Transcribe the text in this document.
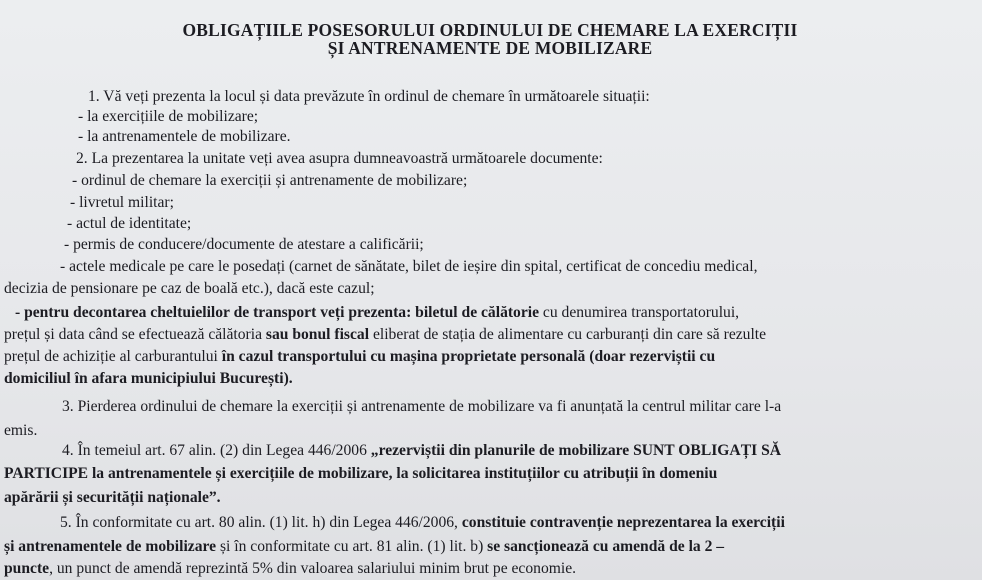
OBLIGAȚIILE POSESORULUI ORDINULUI DE CHEMARE LA EXERCIȚII
ȘI ANTRENAMENTE DE MOBILIZARE
1. Vă veți prezenta la locul și data prevăzute în ordinul de chemare în următoarele situații:
- la exercițiile de mobilizare;
- la antrenamentele de mobilizare.
2. La prezentarea la unitate veți avea asupra dumneavoastră următoarele documente:
- ordinul de chemare la exerciții și antrenamente de mobilizare;
- livretul militar;
- actul de identitate;
- permis de conducere/documente de atestare a calificării;
- actele medicale pe care le posedați (carnet de sănătate, bilet de ieșire din spital, certificat de concediu medical,
decizia de pensionare pe caz de boală etc.), dacă este cazul;
- pentru decontarea cheltuielilor de transport veți prezenta: biletul de călătorie cu denumirea transportatorului,
prețul și data când se efectuează călătoria sau bonul fiscal eliberat de stația de alimentare cu carburanți din care să rezulte
prețul de achiziție al carburantului în cazul transportului cu mașina proprietate personală (doar rezerviștii cu
domiciliul în afara municipiului București).
3. Pierderea ordinului de chemare la exerciții și antrenamente de mobilizare va fi anunțată la centrul militar care l-a
emis.
4. În temeiul art. 67 alin. (2) din Legea 446/2006 „rezerviștii din planurile de mobilizare SUNT OBLIGAȚI SĂ
PARTICIPE la antrenamentele și exercițiile de mobilizare, la solicitarea instituțiilor cu atribuții în domeniu
apărării și securității naționale”.
5. În conformitate cu art. 80 alin. (1) lit. h) din Legea 446/2006, constituie contravenție neprezentarea la exerciții
și antrenamentele de mobilizare și în conformitate cu art. 81 alin. (1) lit. b) se sancționează cu amendă de la 2 –
puncte, un punct de amendă reprezintă 5% din valoarea salariului minim brut pe economie.
